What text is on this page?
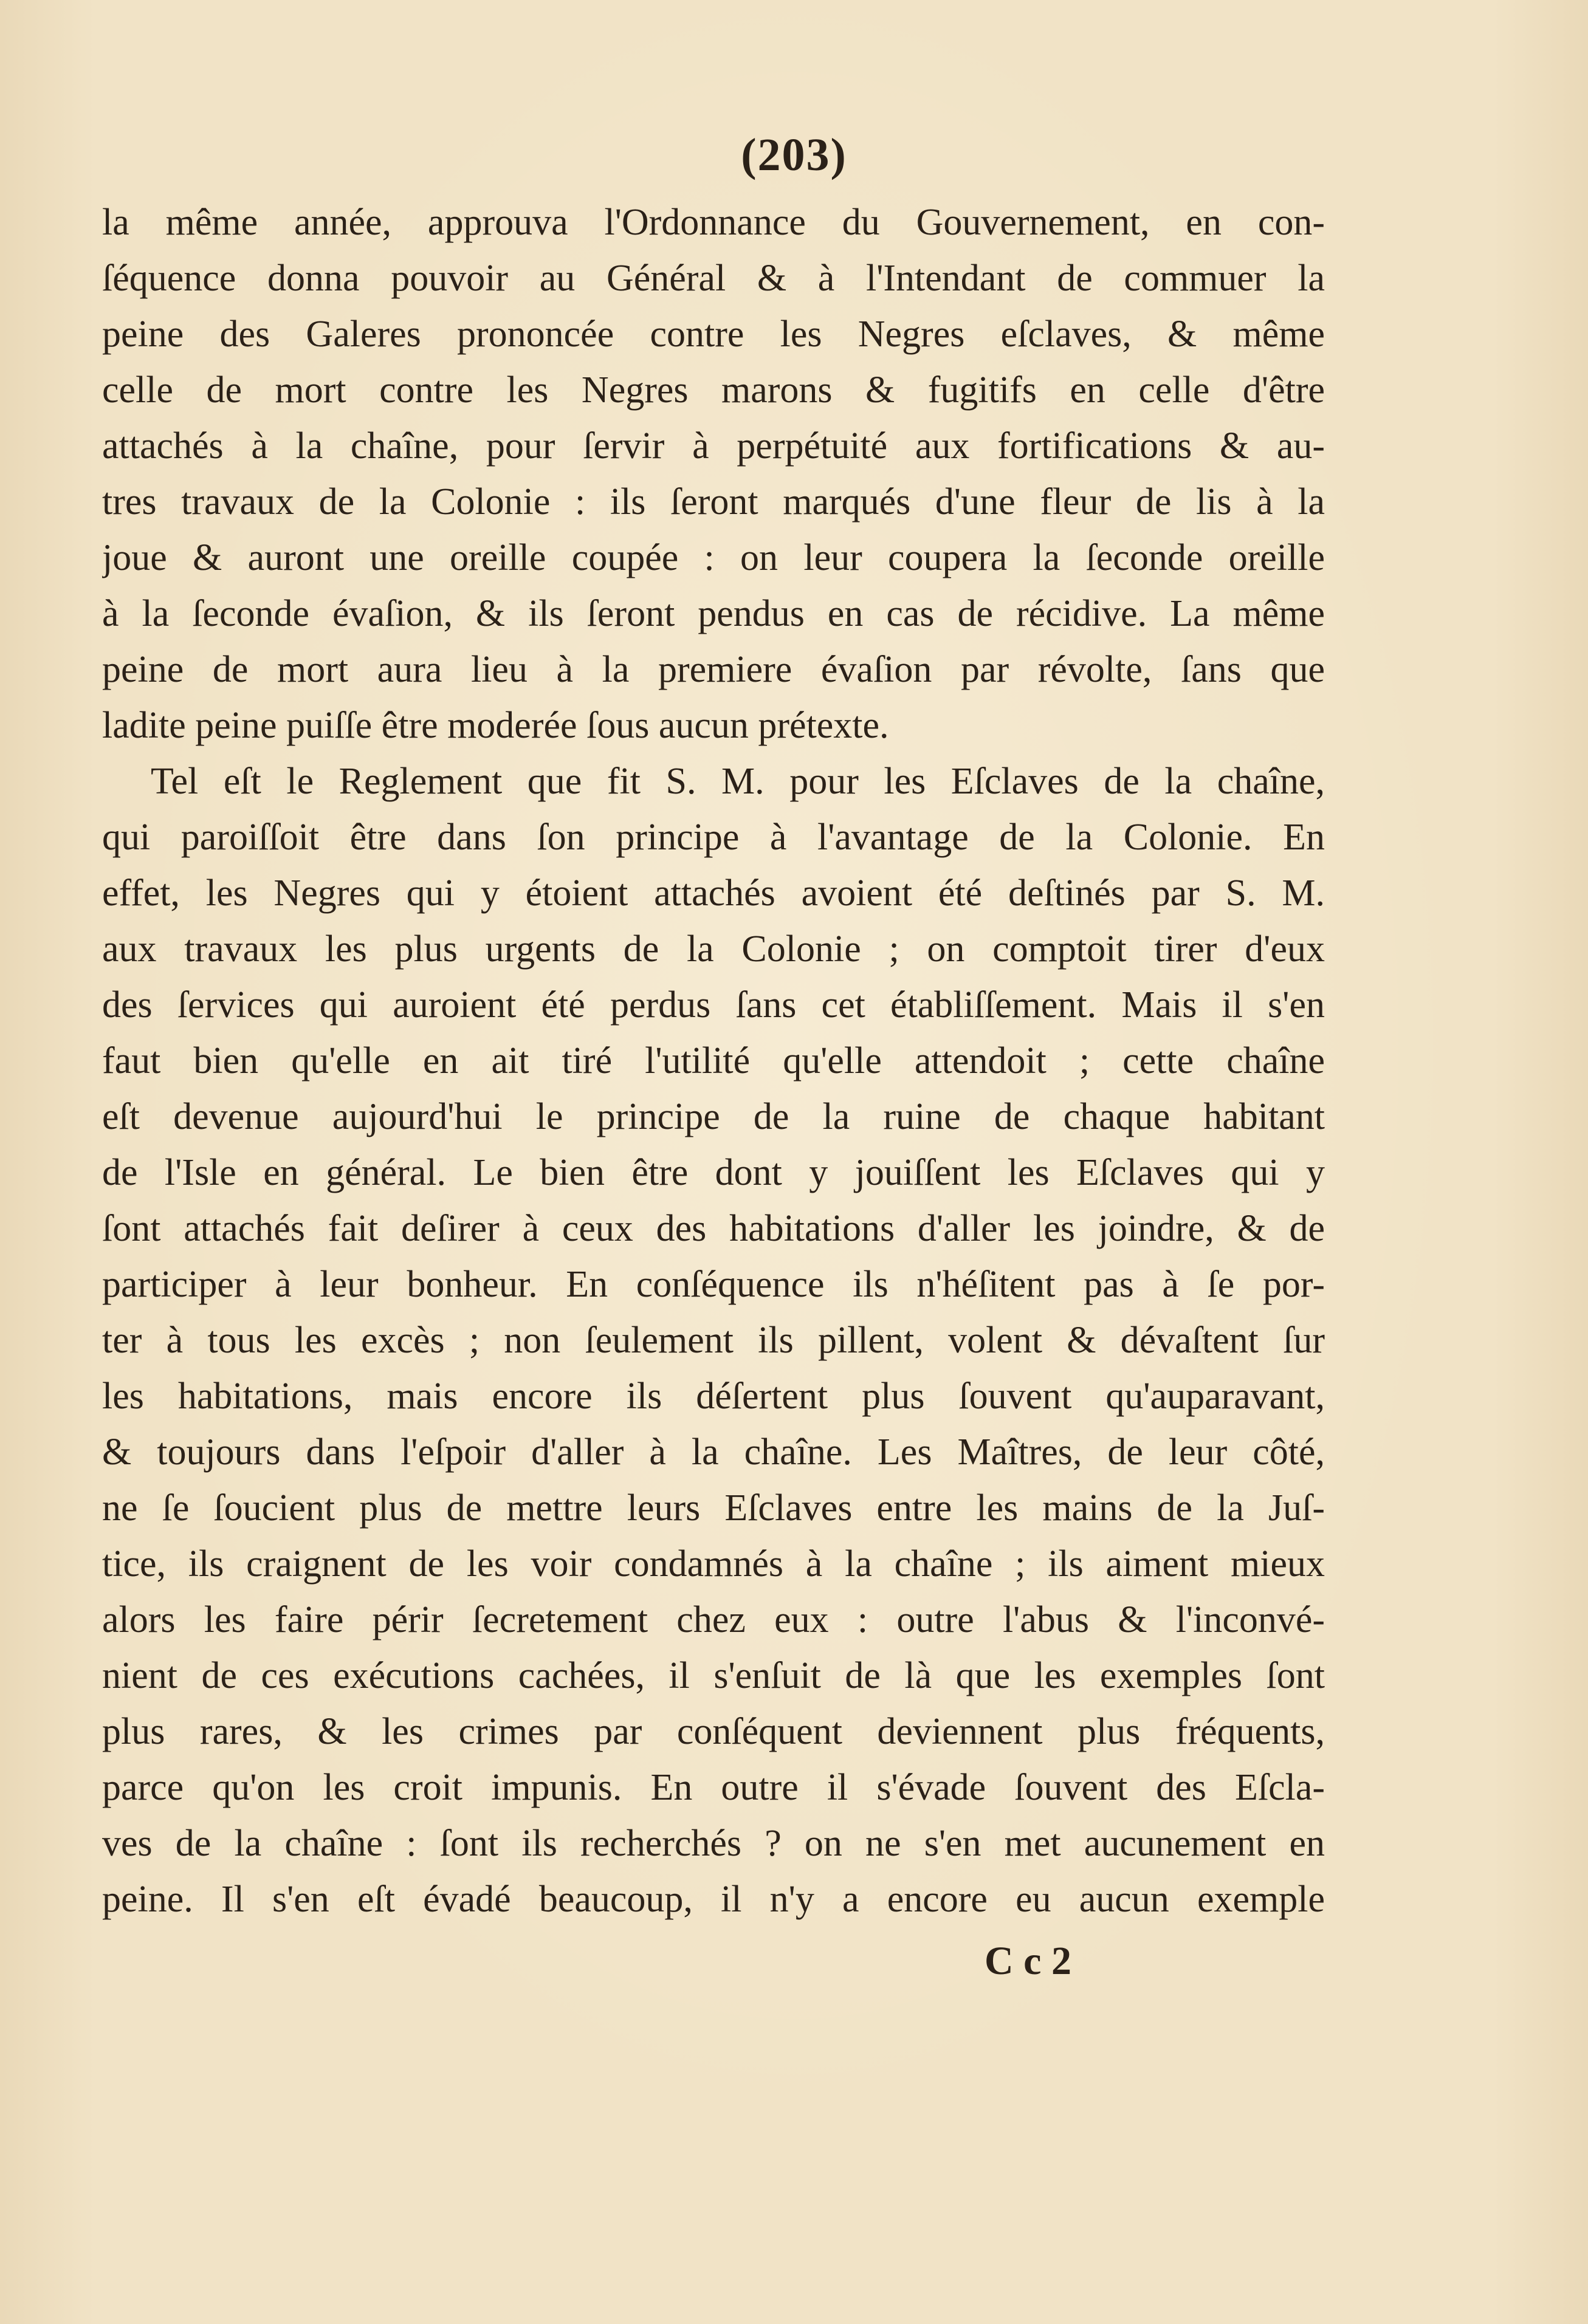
(203)
la même année, approuva l'Ordonnance du Gouvernement, en con-
ſéquence donna pouvoir au Général & à l'Intendant de commuer la
peine des Galeres prononcée contre les Negres eſclaves, & même
celle de mort contre les Negres marons & fugitifs en celle d'être
attachés à la chaîne, pour ſervir à perpétuité aux fortifications & au-
tres travaux de la Colonie : ils ſeront marqués d'une fleur de lis à la
joue & auront une oreille coupée : on leur coupera la ſeconde oreille
à la ſeconde évaſion, & ils ſeront pendus en cas de récidive. La même
peine de mort aura lieu à la premiere évaſion par révolte, ſans que
ladite peine puiſſe être moderée ſous aucun prétexte.
Tel eſt le Reglement que fit S. M. pour les Eſclaves de la chaîne,
qui paroiſſoit être dans ſon principe à l'avantage de la Colonie. En
effet, les Negres qui y étoient attachés avoient été deſtinés par S. M.
aux travaux les plus urgents de la Colonie ; on comptoit tirer d'eux
des ſervices qui auroient été perdus ſans cet établiſſement. Mais il s'en
faut bien qu'elle en ait tiré l'utilité qu'elle attendoit ; cette chaîne
eſt devenue aujourd'hui le principe de la ruine de chaque habitant
de l'Isle en général. Le bien être dont y jouiſſent les Eſclaves qui y
ſont attachés fait deſirer à ceux des habitations d'aller les joindre, & de
participer à leur bonheur. En conſéquence ils n'héſitent pas à ſe por-
ter à tous les excès ; non ſeulement ils pillent, volent & dévaſtent ſur
les habitations, mais encore ils déſertent plus ſouvent qu'auparavant,
& toujours dans l'eſpoir d'aller à la chaîne. Les Maîtres, de leur côté,
ne ſe ſoucient plus de mettre leurs Eſclaves entre les mains de la Juſ-
tice, ils craignent de les voir condamnés à la chaîne ; ils aiment mieux
alors les faire périr ſecretement chez eux : outre l'abus & l'inconvé-
nient de ces exécutions cachées, il s'enſuit de là que les exemples ſont
plus rares, & les crimes par conſéquent deviennent plus fréquents,
parce qu'on les croit impunis. En outre il s'évade ſouvent des Eſcla-
ves de la chaîne : ſont ils recherchés ? on ne s'en met aucunement en
peine. Il s'en eſt évadé beaucoup, il n'y a encore eu aucun exemple
C c 2
